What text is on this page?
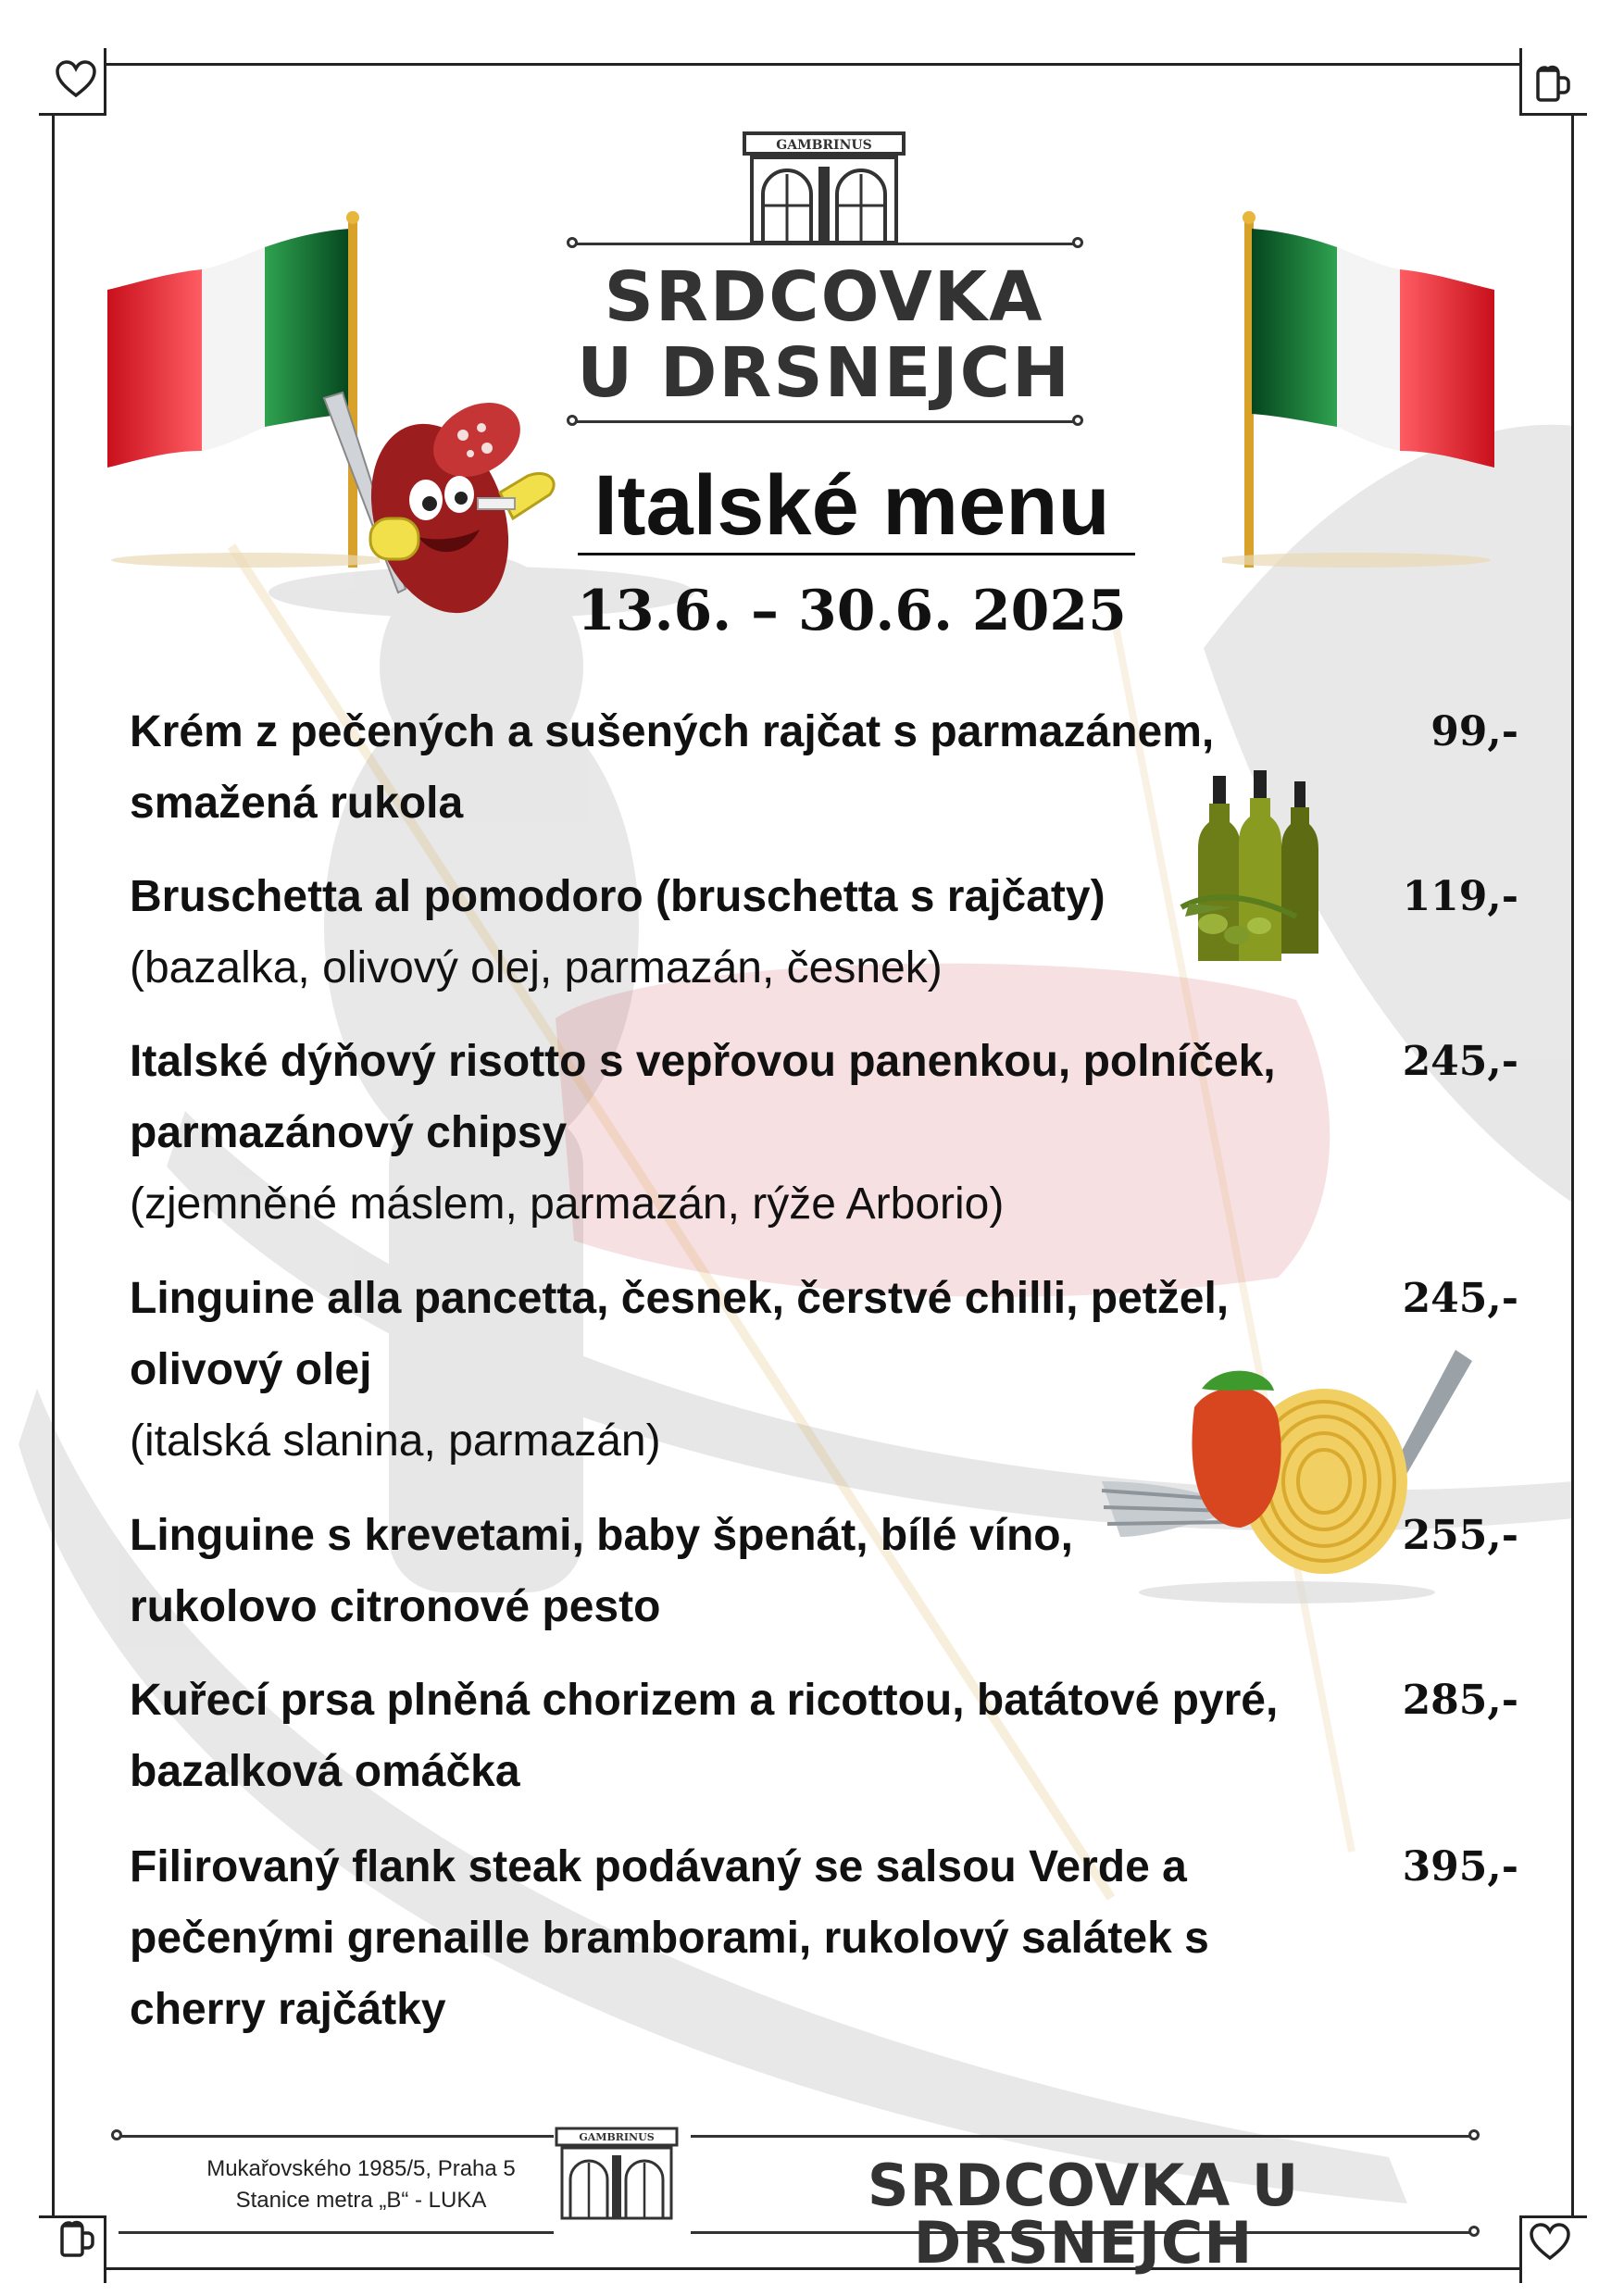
GAMBRINUS
SRDCOVKA
U DRSNEJCH
Italské menu
13.6. – 30.6. 2025
Krém z pečených a sušených rajčat s parmazánem, smažená rukola
99,-
Bruschetta al pomodoro (bruschetta s rajčaty)
(bazalka, olivový olej, parmazán, česnek)
119,-
Italské dýňový risotto s vepřovou panenkou, polníček, parmazánový chipsy
(zjemněné máslem, parmazán, rýže Arborio)
245,-
Linguine alla pancetta, česnek, čerstvé chilli, petžel, olivový olej
(italská slanina, parmazán)
245,-
Linguine s krevetami, baby špenát, bílé víno, rukolovo citronové pesto
255,-
Kuřecí prsa plněná chorizem a ricottou, batátové pyré, bazalková omáčka
285,-
Filirovaný flank steak podávaný se salsou Verde a pečenými grenaille bramborami, rukolový salátek s cherry rajčátky
395,-
Mukařovského 1985/5, Praha 5
Stanice metra „B“ - LUKA
GAMBRINUS
SRDCOVKA U DRSNEJCH
